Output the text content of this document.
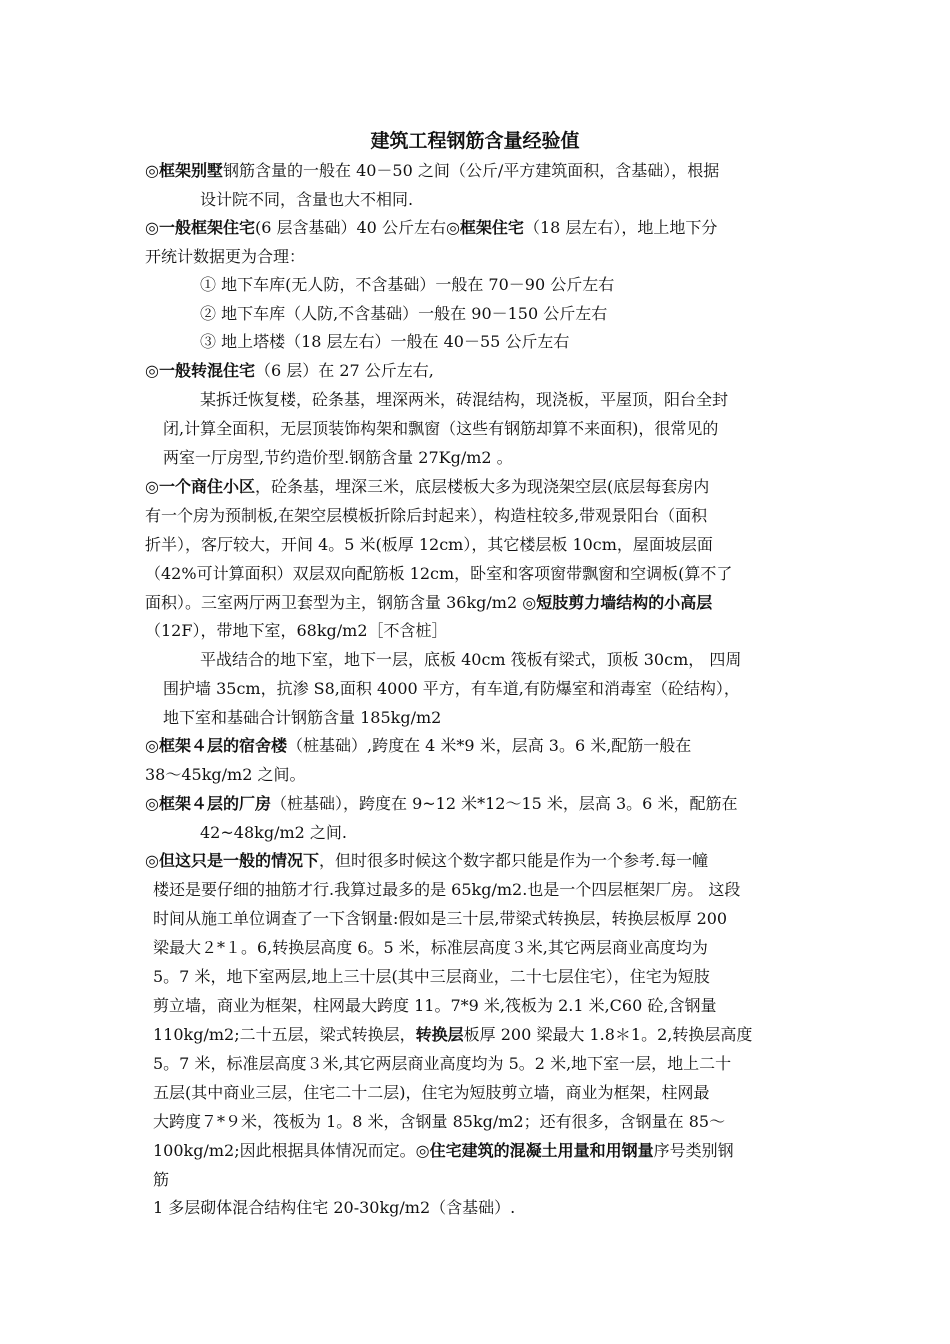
建筑工程钢筋含量经验值
◎框架别墅钢筋含量的一般在 40－50 之间（公斤/平方建筑面积，含基础），根据
设计院不同，含量也大不相同.
◎一般框架住宅(6 层含基础）40 公斤左右◎框架住宅（18 层左右），地上地下分
开统计数据更为合理：
① 地下车库(无人防，不含基础）一般在 70－90 公斤左右
② 地下车库（人防,不含基础）一般在 90－150 公斤左右
③ 地上塔楼（18 层左右）一般在 40－55 公斤左右
◎一般转混住宅（6 层）在 27 公斤左右,
某拆迁恢复楼，砼条基，埋深两米，砖混结构，现浇板，平屋顶，阳台全封
闭,计算全面积，无层顶装饰构架和飘窗（这些有钢筋却算不来面积)，很常见的
两室一厅房型,节约造价型.钢筋含量 27Kg/m2 。
◎一个商住小区，砼条基，埋深三米，底层楼板大多为现浇架空层(底层每套房内
有一个房为预制板,在架空层模板折除后封起来），构造柱较多,带观景阳台（面积
折半），客厅较大，开间 4。5 米(板厚 12cm），其它楼层板 10cm，屋面坡层面
（42%可计算面积）双层双向配筋板 12cm，卧室和客项窗带飘窗和空调板(算不了
面积）。三室两厅两卫套型为主，钢筋含量 36kg/m2 ◎短肢剪力墙结构的小高层
（12F），带地下室，68kg/m2［不含桩］
平战结合的地下室，地下一层，底板 40cm 筏板有梁式，顶板 30cm， 四周
围护墙 35cm，抗渗 S8,面积 4000 平方，有车道,有防爆室和消毒室（砼结构），
地下室和基础合计钢筋含量 185kg/m2
◎框架４层的宿舍楼（桩基础）,跨度在 4 米*9 米，层高 3。6 米,配筋一般在
38～45kg/m2 之间。
◎框架４层的厂房（桩基础），跨度在 9~12 米*12～15 米，层高 3。6 米，配筋在
42~48kg/m2 之间.
◎但这只是一般的情况下，但时很多时候这个数字都只能是作为一个参考.每一幢
楼还是要仔细的抽筋才行.我算过最多的是 65kg/m2.也是一个四层框架厂房。 这段
时间从施工单位调查了一下含钢量:假如是三十层,带梁式转换层，转换层板厚 200
梁最大２*１。6,转换层高度 6。5 米，标准层高度３米,其它两层商业高度均为
5。7 米，地下室两层,地上三十层(其中三层商业，二十七层住宅），住宅为短肢
剪立墙，商业为框架，柱网最大跨度 11。7*9 米,筏板为 2.1 米,C60 砼,含钢量
110kg/m2;二十五层，梁式转换层，转换层板厚 200 梁最大 1.8＊1。2,转换层高度
5。7 米，标准层高度３米,其它两层商业高度均为 5。2 米,地下室一层，地上二十
五层(其中商业三层，住宅二十二层)，住宅为短肢剪立墙，商业为框架，柱网最
大跨度７*９米，筏板为 1。8 米，含钢量 85kg/m2；还有很多，含钢量在 85～
100kg/m2;因此根据具体情况而定。◎住宅建筑的混凝土用量和用钢量序号类别钢
筋
1 多层砌体混合结构住宅 20-30kg/m2（含基础）.
